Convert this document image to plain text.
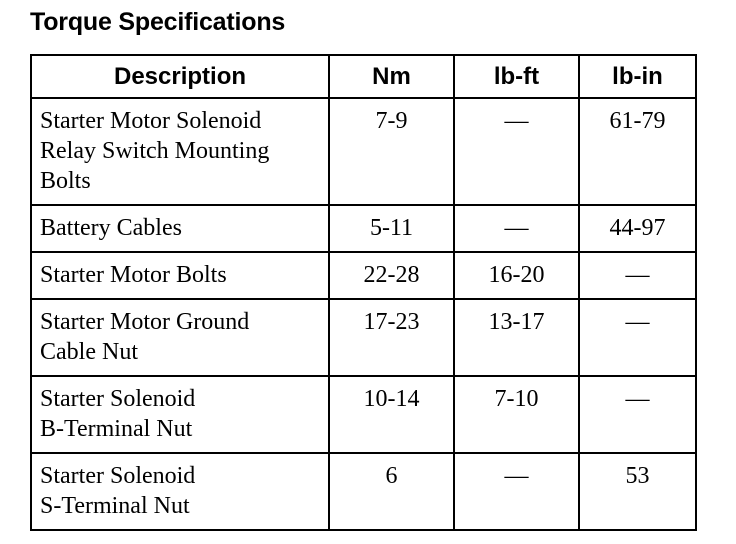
Torque Specifications
Description	Nm	lb-ft	lb-in

Starter Motor Solenoid
Relay Switch Mounting
Bolts	7-9	—	61-79

Battery Cables	5-11	—	44-97

Starter Motor Bolts	22-28	16-20	—

Starter Motor Ground
Cable Nut	17-23	13-17	—

Starter Solenoid
B-Terminal Nut	10-14	7-10	—

Starter Solenoid
S-Terminal Nut	6	—	53
